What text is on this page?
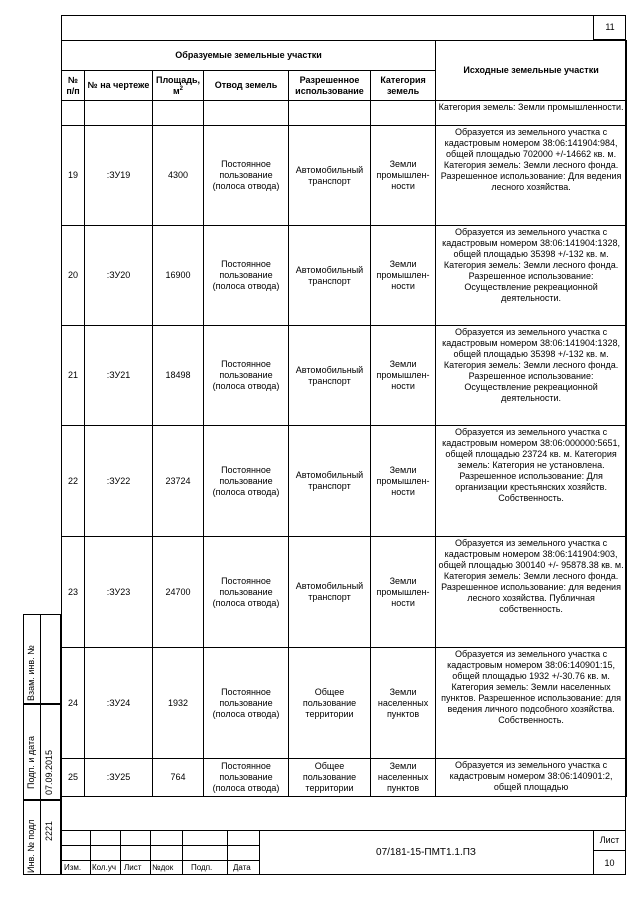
11
Образуемые земельные участки						Исходные земельные участки
№ п/п	№ на чертеже	Площадь, $м^2$	Отвод земель	Разрешенное использование	Категория земель	
						Категория земель: Земли промышленности.
19	:ЗУ19	4300	Постоянное пользование (полоса отвода)	Автомобильный транспорт	Земли промышлен-ности	Образуется из земельного участка с кадастровым номером 38:06:141904:984, общей площадью 702000 +/-14662 кв. м. Категория земель: Земли лесного фонда. Разрешенное использование: Для ведения лесного хозяйства.
20	:ЗУ20	16900	Постоянное пользование (полоса отвода)	Автомобильный транспорт	Земли промышлен-ности	Образуется из земельного участка с кадастровым номером 38:06:141904:1328, общей площадью 35398 +/-132 кв. м. Категория земель: Земли лесного фонда. Разрешенное использование: Осуществление рекреационной деятельности.
21	:ЗУ21	18498	Постоянное пользование (полоса отвода)	Автомобильный транспорт	Земли промышлен-ности	Образуется из земельного участка с кадастровым номером 38:06:141904:1328, общей площадью 35398 +/-132 кв. м. Категория земель: Земли лесного фонда. Разрешенное использование: Осуществление рекреационной деятельности.
22	:ЗУ22	23724	Постоянное пользование (полоса отвода)	Автомобильный транспорт	Земли промышлен-ности	Образуется из земельного участка с кадастровым номером 38:06:000000:5651, общей площадью 23724 кв. м. Категория земель: Категория не установлена. Разрешенное использование: Для организации крестьянских хозяйств. Собственность.
23	:ЗУ23	24700	Постоянное пользование (полоса отвода)	Автомобильный транспорт	Земли промышлен-ности	Образуется из земельного участка с кадастровым номером 38:06:141904:903, общей площадью 300140 +/- 95878.38 кв. м. Категория земель: Земли лесного фонда. Разрешенное использование: для ведения лесного хозяйства. Публичная собственность.
24	:ЗУ24	1932	Постоянное пользование (полоса отвода)	Общее пользование территории	Земли населенных пунктов	Образуется из земельного участка с кадастровым номером 38:06:140901:15, общей площадью 1932 +/-30.76 кв. м. Категория земель: Земли населенных пунктов. Разрешенное использование: для ведения личного подсобного хозяйства. Собственность.
25	:ЗУ25	764	Постоянное пользование (полоса отвода)	Общее пользование территории	Земли населенных пунктов	Образуется из земельного участка с кадастровым номером 38:06:140901:2, общей площадью
Взам. инв. №
Подп. и дата 07.09.2015
Инв. № подл 2221
Изм. Кол.уч Лист №док Подп.	Дата
07/181-15-ПМТ1.1.ПЗ
Лист
10
